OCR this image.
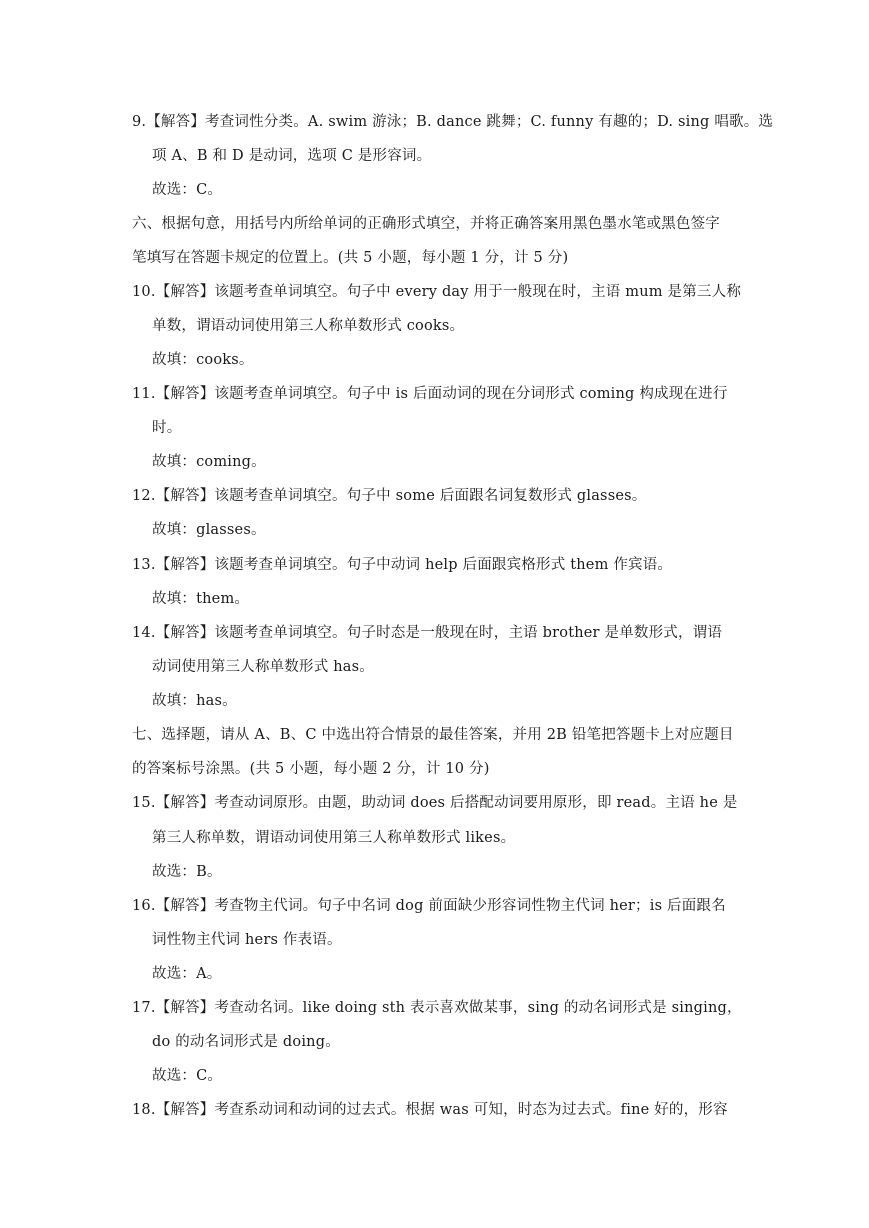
9.【解答】考查词性分类。A. swim 游泳；B. dance 跳舞；C. funny 有趣的；D. sing 唱歌。选
项 A、B 和 D 是动词，选项 C 是形容词。
故选：C。
六、根据句意，用括号内所给单词的正确形式填空，并将正确答案用黑色墨水笔或黑色签字
笔填写在答题卡规定的位置上。(共 5 小题，每小题 1 分，计 5 分)
10.【解答】该题考查单词填空。句子中 every day 用于一般现在时，主语 mum 是第三人称
单数，谓语动词使用第三人称单数形式 cooks。
故填：cooks。
11.【解答】该题考查单词填空。句子中 is 后面动词的现在分词形式 coming 构成现在进行
时。
故填：coming。
12.【解答】该题考查单词填空。句子中 some 后面跟名词复数形式 glasses。
故填：glasses。
13.【解答】该题考查单词填空。句子中动词 help 后面跟宾格形式 them 作宾语。
故填：them。
14.【解答】该题考查单词填空。句子时态是一般现在时，主语 brother 是单数形式，谓语
动词使用第三人称单数形式 has。
故填：has。
七、选择题，请从 A、B、C 中选出符合情景的最佳答案，并用 2B 铅笔把答题卡上对应题目
的答案标号涂黑。(共 5 小题，每小题 2 分，计 10 分)
15.【解答】考查动词原形。由题，助动词 does 后搭配动词要用原形，即 read。主语 he 是
第三人称单数，谓语动词使用第三人称单数形式 likes。
故选：B。
16.【解答】考查物主代词。句子中名词 dog 前面缺少形容词性物主代词 her；is 后面跟名
词性物主代词 hers 作表语。
故选：A。
17.【解答】考查动名词。like doing sth 表示喜欢做某事，sing 的动名词形式是 singing，
do 的动名词形式是 doing。
故选：C。
18.【解答】考查系动词和动词的过去式。根据 was 可知，时态为过去式。fine 好的，形容
